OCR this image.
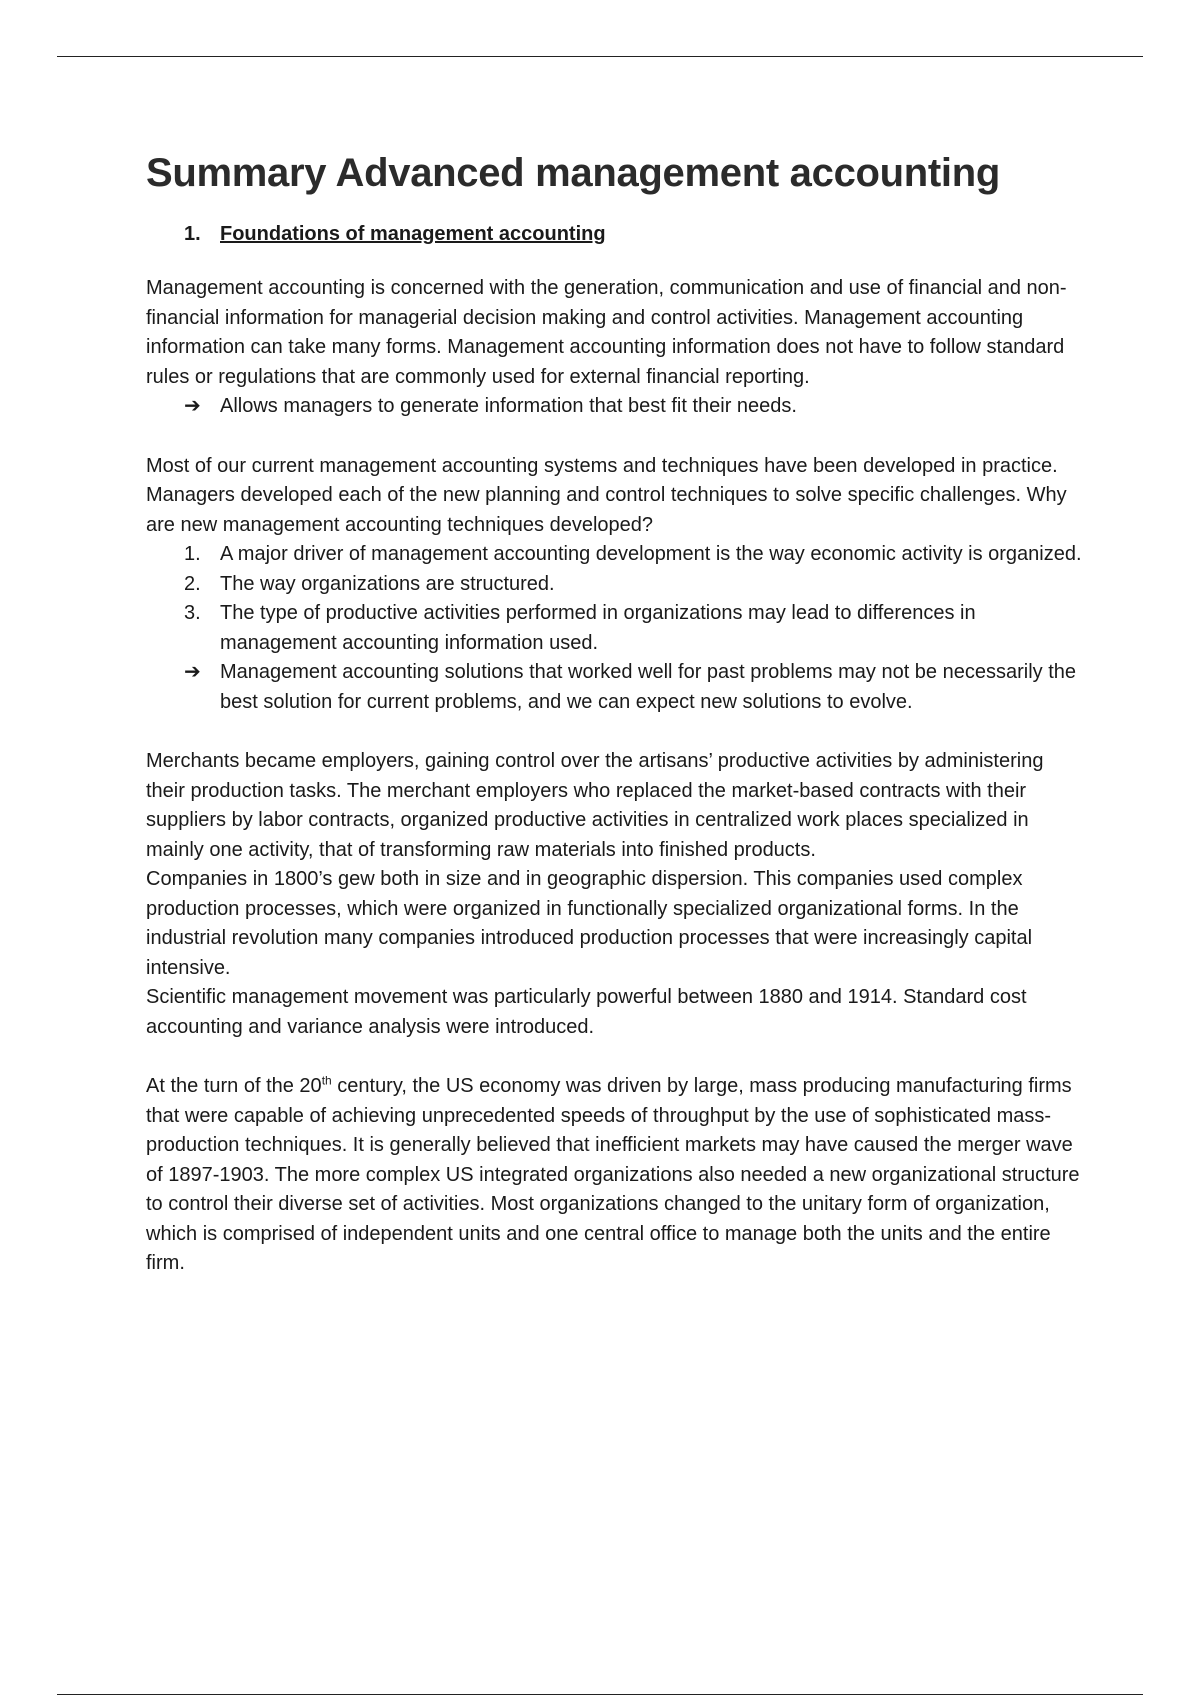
Summary Advanced management accounting
1. Foundations of management accounting

Management accounting is concerned with the generation, communication and use of financial and non-financial information for managerial decision making and control activities. Management accounting information can take many forms. Management accounting information does not have to follow standard rules or regulations that are commonly used for external financial reporting.

➔ Allows managers to generate information that best fit their needs.

Most of our current management accounting systems and techniques have been developed in practice. Managers developed each of the new planning and control techniques to solve specific challenges. Why are new management accounting techniques developed?

1. A major driver of management accounting development is the way economic activity is organized.
2. The way organizations are structured.
3. The type of productive activities performed in organizations may lead to differences in management accounting information used.
➔ Management accounting solutions that worked well for past problems may not be necessarily the best solution for current problems, and we can expect new solutions to evolve.

Merchants became employers, gaining control over the artisans’ productive activities by administering their production tasks. The merchant employers who replaced the market-based contracts with their suppliers by labor contracts, organized productive activities in centralized work places specialized in mainly one activity, that of transforming raw materials into finished products.

Companies in 1800’s gew both in size and in geographic dispersion. This companies used complex production processes, which were organized in functionally specialized organizational forms. In the industrial revolution many companies introduced production processes that were increasingly capital intensive.

Scientific management movement was particularly powerful between 1880 and 1914. Standard cost accounting and variance analysis were introduced.

At the turn of the 20th century, the US economy was driven by large, mass producing manufacturing firms that were capable of achieving unprecedented speeds of throughput by the use of sophisticated mass-production techniques. It is generally believed that inefficient markets may have caused the merger wave of 1897-1903. The more complex US integrated organizations also needed a new organizational structure to control their diverse set of activities. Most organizations changed to the unitary form of organization, which is comprised of independent units and one central office to manage both the units and the entire firm.
